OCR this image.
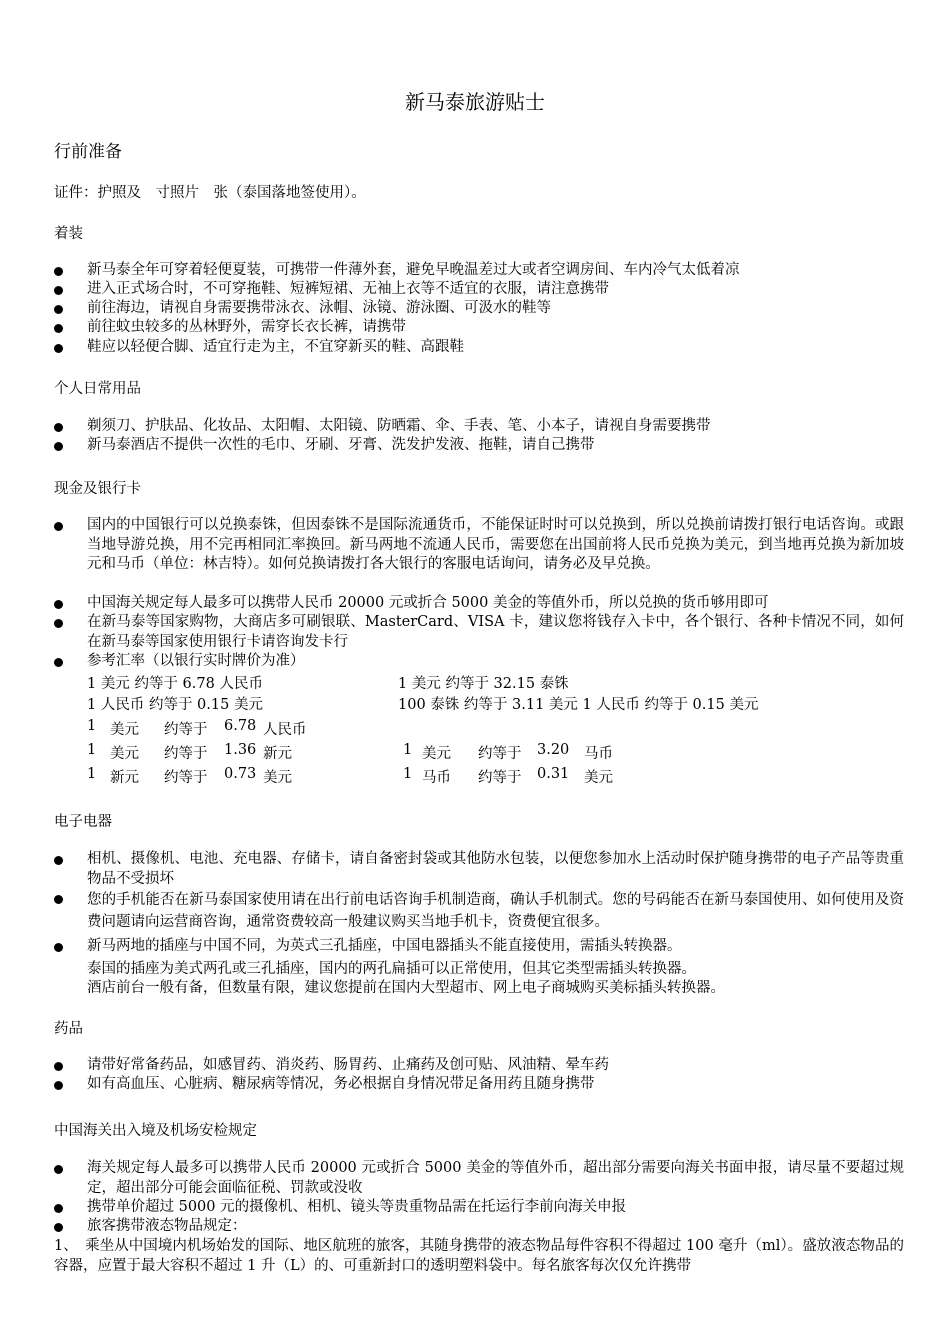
新马泰旅游贴士
行前准备
证件：护照及　寸照片　张（泰国落地签使用）。
着装
新马泰全年可穿着轻便夏装，可携带一件薄外套，避免早晚温差过大或者空调房间、车内冷气太低着凉
进入正式场合时，不可穿拖鞋、短裤短裙、无袖上衣等不适宜的衣服，请注意携带
前往海边，请视自身需要携带泳衣、泳帽、泳镜、游泳圈、可汲水的鞋等
前往蚊虫较多的丛林野外，需穿长衣长裤，请携带
鞋应以轻便合脚、适宜行走为主，不宜穿新买的鞋、高跟鞋
个人日常用品
剃须刀、护肤品、化妆品、太阳帽、太阳镜、防晒霜、伞、手表、笔、小本子，请视自身需要携带
新马泰酒店不提供一次性的毛巾、牙刷、牙膏、洗发护发液、拖鞋，请自己携带
现金及银行卡
国内的中国银行可以兑换泰铢，但因泰铢不是国际流通货币，不能保证时时可以兑换到，所以兑换前请拨打银行电话咨询。或跟当地导游兑换，用不完再相同汇率换回。新马两地不流通人民币，需要您在出国前将人民币兑换为美元，到当地再兑换为新加坡元和马币（单位：林吉特）。如何兑换请拨打各大银行的客服电话询问，请务必及早兑换。
中国海关规定每人最多可以携带人民币 20000 元或折合 5000 美金的等值外币，所以兑换的货币够用即可
在新马泰等国家购物，大商店多可刷银联、MasterCard、VISA 卡，建议您将钱存入卡中，各个银行、各种卡情况不同，如何在新马泰等国家使用银行卡请咨询发卡行
参考汇率（以银行实时牌价为准）
1 美元 约等于 6.78 人民币	1 美元 约等于 32.15 泰铢
1 人民币 约等于 0.15 美元	100 泰铢 约等于 3.11 美元 1 人民币 约等于 0.15 美元
1 美元 约等于 6.78 人民币
1 美元 约等于 1.36 新元	1 美元 约等于 3.20 马币
1 新元 约等于 0.73 美元	1 马币 约等于 0.31 美元
电子电器
相机、摄像机、电池、充电器、存储卡，请自备密封袋或其他防水包装，以便您参加水上活动时保护随身携带的电子产品等贵重物品不受损坏
您的手机能否在新马泰国家使用请在出行前电话咨询手机制造商，确认手机制式。您的号码能否在新马泰国使用、如何使用及资费问题请向运营商咨询，通常资费较高一般建议购买当地手机卡，资费便宜很多。
新马两地的插座与中国不同，为英式三孔插座，中国电器插头不能直接使用，需插头转换器。
泰国的插座为美式两孔或三孔插座，国内的两孔扁插可以正常使用，但其它类型需插头转换器。
酒店前台一般有备，但数量有限，建议您提前在国内大型超市、网上电子商城购买美标插头转换器。
药品
请带好常备药品，如感冒药、消炎药、肠胃药、止痛药及创可贴、风油精、晕车药
如有高血压、心脏病、糖尿病等情况，务必根据自身情况带足备用药且随身携带
中国海关出入境及机场安检规定
海关规定每人最多可以携带人民币 20000 元或折合 5000 美金的等值外币，超出部分需要向海关书面申报，请尽量不要超过规定，超出部分可能会面临征税、罚款或没收
携带单价超过 5000 元的摄像机、相机、镜头等贵重物品需在托运行李前向海关申报
旅客携带液态物品规定：
1、　乘坐从中国境内机场始发的国际、地区航班的旅客，其随身携带的液态物品每件容积不得超过 100 毫升（ml）。盛放液态物品的容器，应置于最大容积不超过 1 升（L）的、可重新封口的透明塑料袋中。每名旅客每次仅允许携带
